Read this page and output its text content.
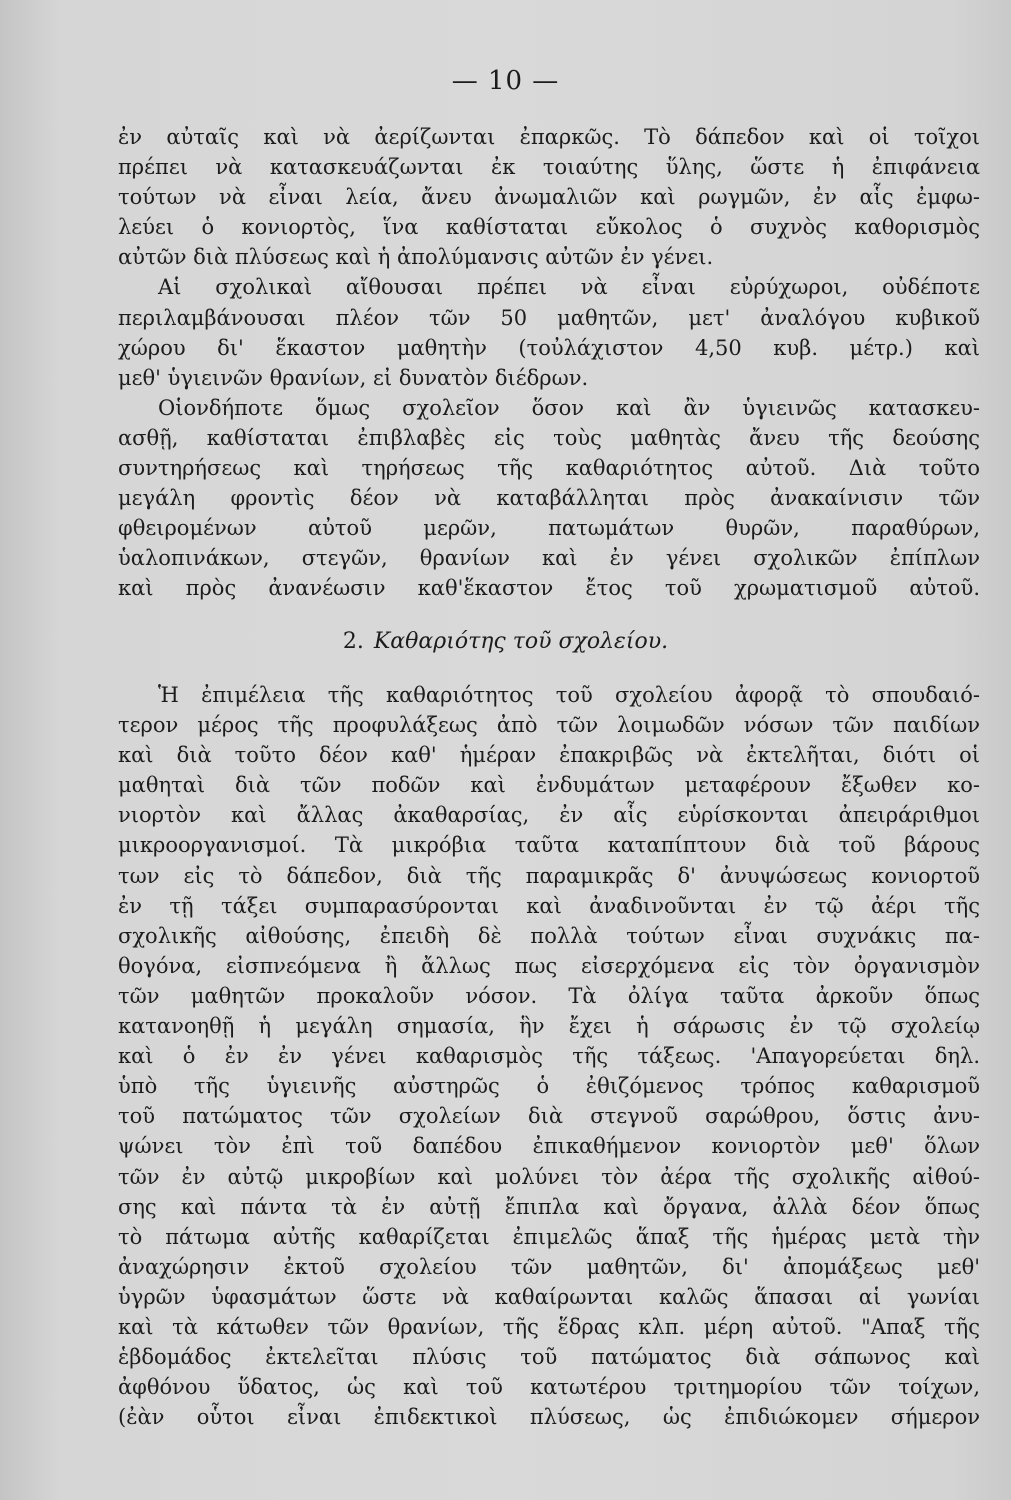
— 10 —
ἐν αὐταῖς καὶ νὰ ἀερίζωνται ἐπαρκῶς. Τὸ δάπεδον καὶ οἱ τοῖχοι
πρέπει νὰ κατασκευάζωνται ἐκ τοιαύτης ὕλης, ὥστε ἡ ἐπιφάνεια
τούτων νὰ εἶναι λεία, ἄνευ ἀνωμαλιῶν καὶ ρωγμῶν, ἐν αἷς ἐμφω-
λεύει ὁ κονιορτὸς, ἵνα καθίσταται εὔκολος ὁ συχνὸς καθορισμὸς
αὐτῶν διὰ πλύσεως καὶ ἡ ἀπολύμανσις αὐτῶν ἐν γένει.
Αἱ σχολικαὶ αἴθουσαι πρέπει νὰ εἶναι εὐρύχωροι, οὐδέποτε
περιλαμβάνουσαι πλέον τῶν 50 μαθητῶν, μετ' ἀναλόγου κυβικοῦ
χώρου δι' ἕκαστον μαθητὴν (τοὐλάχιστον 4,50 κυβ. μέτρ.) καὶ
μεθ' ὑγιεινῶν θρανίων, εἰ δυνατὸν διέδρων.
Οἱονδήποτε ὅμως σχολεῖον ὅσον καὶ ἂν ὑγιεινῶς κατασκευ-
ασθῇ, καθίσταται ἐπιβλαβὲς εἰς τοὺς μαθητὰς ἄνευ τῆς δεούσης
συντηρήσεως καὶ τηρήσεως τῆς καθαριότητος αὐτοῦ. Διὰ τοῦτο
μεγάλη φροντὶς δέον νὰ καταβάλληται πρὸς ἀνακαίνισιν τῶν
φθειρομένων αὐτοῦ μερῶν, πατωμάτων θυρῶν, παραθύρων,
ὑαλοπινάκων, στεγῶν, θρανίων καὶ ἐν γένει σχολικῶν ἐπίπλων
καὶ πρὸς ἀνανέωσιν καθ'ἕκαστον ἔτος τοῦ χρωματισμοῦ αὐτοῦ.
2. Καθαριότης τοῦ σχολείου.
Ἡ ἐπιμέλεια τῆς καθαριότητος τοῦ σχολείου ἀφορᾷ τὸ σπουδαιό-
τερον μέρος τῆς προφυλάξεως ἀπὸ τῶν λοιμωδῶν νόσων τῶν παιδίων
καὶ διὰ τοῦτο δέον καθ' ἡμέραν ἐπακριβῶς νὰ ἐκτελῆται, διότι οἱ
μαθηταὶ διὰ τῶν ποδῶν καὶ ἐνδυμάτων μεταφέρουν ἔξωθεν κο-
νιορτὸν καὶ ἄλλας ἀκαθαρσίας, ἐν αἷς εὑρίσκονται ἀπειράριθμοι
μικροοργανισμοί. Τὰ μικρόβια ταῦτα καταπίπτουν διὰ τοῦ βάρους
των εἰς τὸ δάπεδον, διὰ τῆς παραμικρᾶς δ' ἀνυψώσεως κονιορτοῦ
ἐν τῇ τάξει συμπαρασύρονται καὶ ἀναδινοῦνται ἐν τῷ ἀέρι τῆς
σχολικῆς αἰθούσης, ἐπειδὴ δὲ πολλὰ τούτων εἶναι συχνάκις πα-
θογόνα, εἰσπνεόμενα ἢ ἄλλως πως εἰσερχόμενα εἰς τὸν ὀργανισμὸν
τῶν μαθητῶν προκαλοῦν νόσον. Τὰ ὀλίγα ταῦτα ἀρκοῦν ὅπως
κατανοηθῇ ἡ μεγάλη σημασία, ἣν ἔχει ἡ σάρωσις ἐν τῷ σχολείῳ
καὶ ὁ ἐν ἐν γένει καθαρισμὸς τῆς τάξεως. 'Απαγορεύεται δηλ.
ὑπὸ τῆς ὑγιεινῆς αὐστηρῶς ὁ ἐθιζόμενος τρόπος καθαρισμοῦ
τοῦ πατώματος τῶν σχολείων διὰ στεγνοῦ σαρώθρου, ὅστις ἀνυ-
ψώνει τὸν ἐπὶ τοῦ δαπέδου ἐπικαθήμενον κονιορτὸν μεθ' ὅλων
τῶν ἐν αὐτῷ μικροβίων καὶ μολύνει τὸν ἀέρα τῆς σχολικῆς αἰθού-
σης καὶ πάντα τὰ ἐν αὐτῇ ἔπιπλα καὶ ὄργανα, ἀλλὰ δέον ὅπως
τὸ πάτωμα αὐτῆς καθαρίζεται ἐπιμελῶς ἅπαξ τῆς ἡμέρας μετὰ τὴν
ἀναχώρησιν ἐκτοῦ σχολείου τῶν μαθητῶν, δι' ἀπομάξεως μεθ'
ὑγρῶν ὑφασμάτων ὥστε νὰ καθαίρωνται καλῶς ἅπασαι αἱ γωνίαι
καὶ τὰ κάτωθεν τῶν θρανίων, τῆς ἕδρας κλπ. μέρη αὐτοῦ. "Απαξ τῆς
ἑβδομάδος ἐκτελεῖται πλύσις τοῦ πατώματος διὰ σάπωνος καὶ
ἀφθόνου ὕδατος, ὡς καὶ τοῦ κατωτέρου τριτημορίου τῶν τοίχων,
(ἐὰν οὗτοι εἶναι ἐπιδεκτικοὶ πλύσεως, ὡς ἐπιδιώκομεν σήμερον
